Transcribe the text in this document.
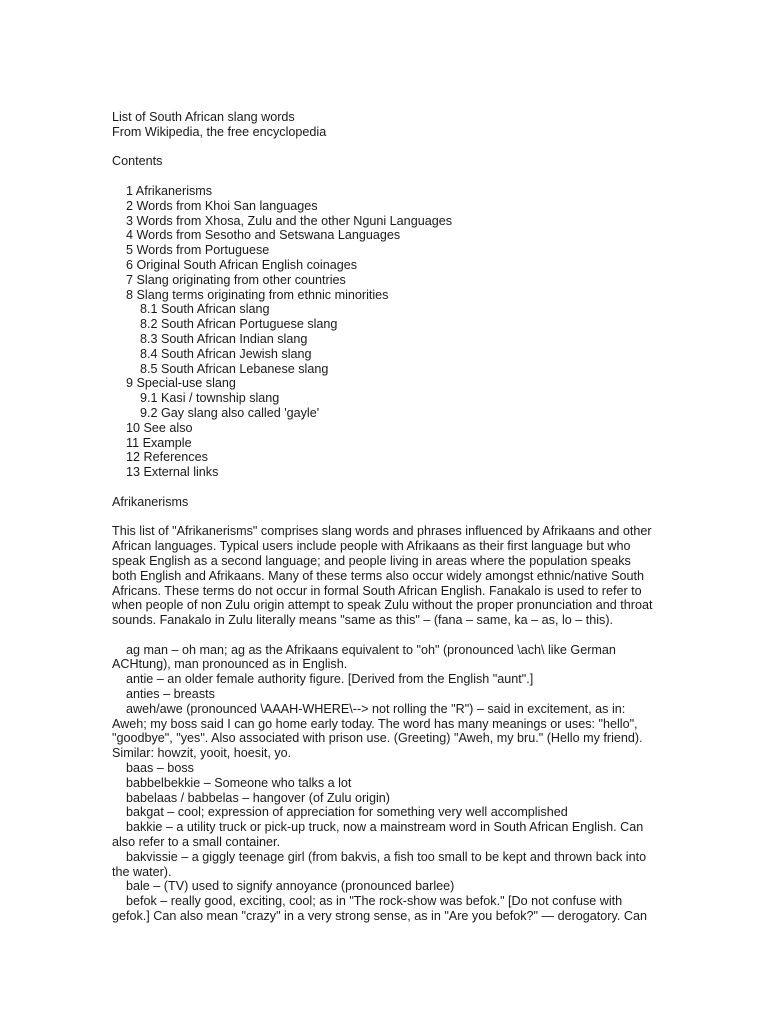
List of South African slang words
From Wikipedia, the free encyclopedia
Contents
1 Afrikanerisms
2 Words from Khoi San languages
3 Words from Xhosa, Zulu and the other Nguni Languages
4 Words from Sesotho and Setswana Languages
5 Words from Portuguese
6 Original South African English coinages
7 Slang originating from other countries
8 Slang terms originating from ethnic minorities
8.1 South African slang
8.2 South African Portuguese slang
8.3 South African Indian slang
8.4 South African Jewish slang
8.5 South African Lebanese slang
9 Special-use slang
9.1 Kasi / township slang
9.2 Gay slang also called 'gayle'
10 See also
11 Example
12 References
13 External links
Afrikanerisms
This list of "Afrikanerisms" comprises slang words and phrases influenced by Afrikaans and other African languages. Typical users include people with Afrikaans as their first language but who speak English as a second language; and people living in areas where the population speaks both English and Afrikaans. Many of these terms also occur widely amongst ethnic/native South Africans. These terms do not occur in formal South African English. Fanakalo is used to refer to when people of non Zulu origin attempt to speak Zulu without the proper pronunciation and throat sounds. Fanakalo in Zulu literally means "same as this" – (fana – same, ka – as, lo – this).
ag man – oh man; ag as the Afrikaans equivalent to "oh" (pronounced \ach\ like German ACHtung), man pronounced as in English.
antie – an older female authority figure. [Derived from the English "aunt".]
anties – breasts
aweh/awe (pronounced \AAAH-WHERE\--> not rolling the "R") – said in excitement, as in: Aweh; my boss said I can go home early today. The word has many meanings or uses: "hello", "goodbye", "yes". Also associated with prison use. (Greeting) "Aweh, my bru." (Hello my friend). Similar: howzit, yooit, hoesit, yo.
baas – boss
babbelbekkie – Someone who talks a lot
babelaas / babbelas – hangover (of Zulu origin)
bakgat – cool; expression of appreciation for something very well accomplished
bakkie – a utility truck or pick-up truck, now a mainstream word in South African English. Can also refer to a small container.
bakvissie – a giggly teenage girl (from bakvis, a fish too small to be kept and thrown back into the water).
bale – (TV) used to signify annoyance (pronounced barlee)
befok – really good, exciting, cool; as in "The rock-show was befok." [Do not confuse with gefok.] Can also mean "crazy" in a very strong sense, as in "Are you befok?" — derogatory. Can
